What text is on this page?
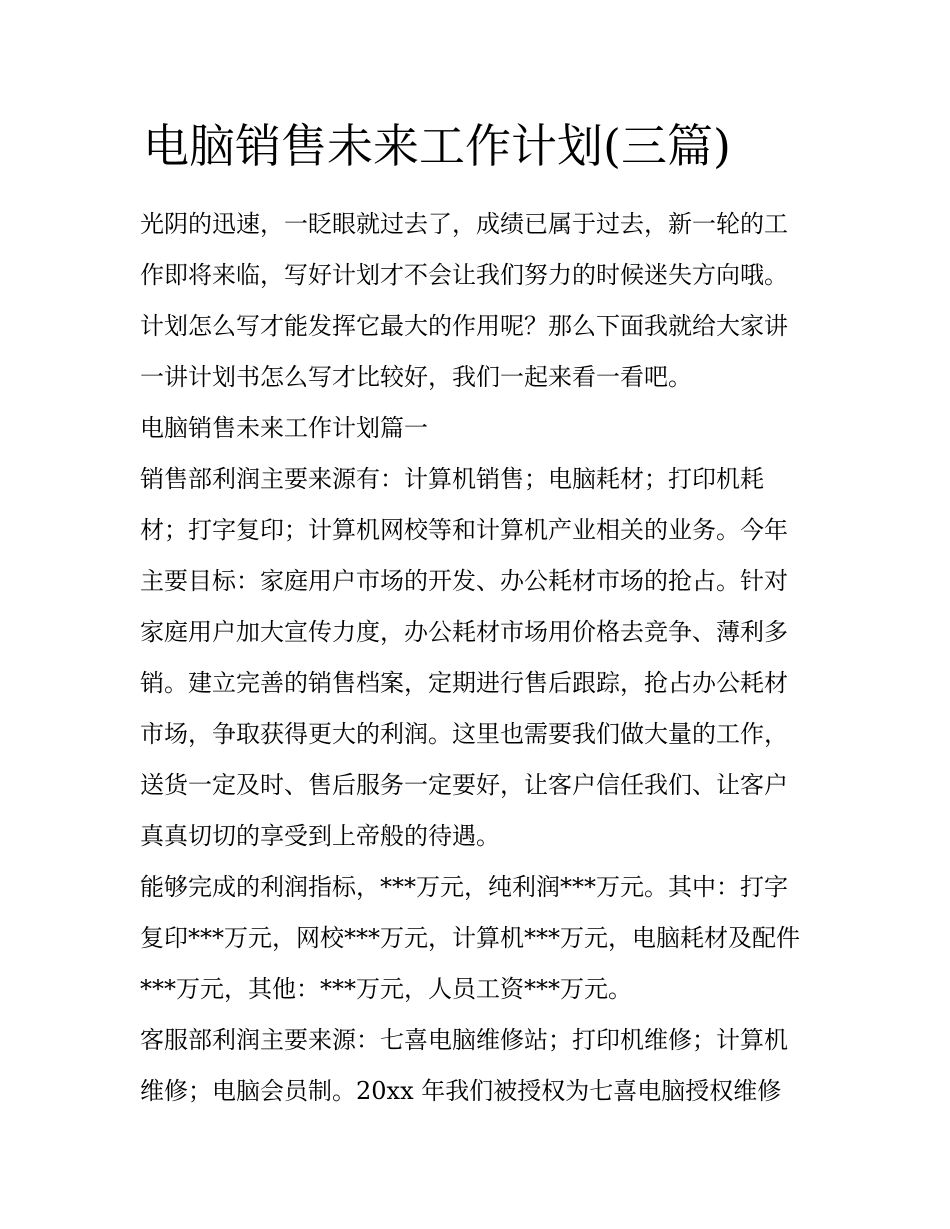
电脑销售未来工作计划(三篇)
光阴的迅速，一眨眼就过去了，成绩已属于过去，新一轮的工
作即将来临，写好计划才不会让我们努力的时候迷失方向哦。
计划怎么写才能发挥它最大的作用呢？那么下面我就给大家讲
一讲计划书怎么写才比较好，我们一起来看一看吧。
电脑销售未来工作计划篇一
销售部利润主要来源有：计算机销售；电脑耗材；打印机耗
材；打字复印；计算机网校等和计算机产业相关的业务。今年
主要目标：家庭用户市场的开发、办公耗材市场的抢占。针对
家庭用户加大宣传力度，办公耗材市场用价格去竞争、薄利多
销。建立完善的销售档案，定期进行售后跟踪，抢占办公耗材
市场，争取获得更大的利润。这里也需要我们做大量的工作，
送货一定及时、售后服务一定要好，让客户信任我们、让客户
真真切切的享受到上帝般的待遇。
能够完成的利润指标，***万元，纯利润***万元。其中：打字
复印***万元，网校***万元，计算机***万元，电脑耗材及配件
***万元，其他：***万元，人员工资***万元。
客服部利润主要来源：七喜电脑维修站；打印机维修；计算机
维修；电脑会员制。20xx 年我们被授权为七喜电脑授权维修
